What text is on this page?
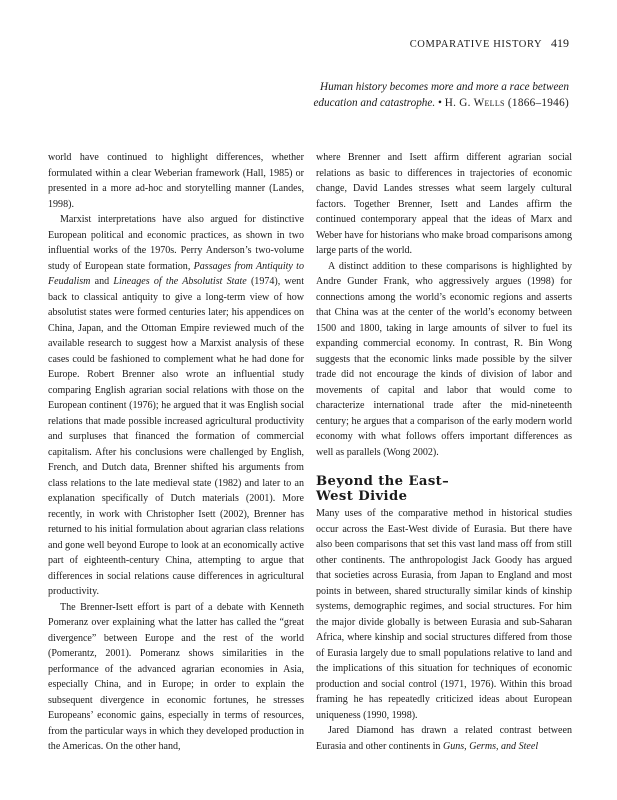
COMPARATIVE HISTORY 419
Human history becomes more and more a race between
education and catastrophe. • H. G. Wells (1866–1946)

world have continued to highlight differences, whether formulated within a clear Weberian framework (Hall, 1985) or presented in a more ad-hoc and storytelling manner (Landes, 1998).

Marxist interpretations have also argued for distinctive European political and economic practices, as shown in two influential works of the 1970s. Perry Anderson’s two-volume study of European state formation, Passages from Antiquity to Feudalism and Lineages of the Absolutist State (1974), went back to classical antiquity to give a long-term view of how absolutist states were formed centuries later; his appendices on China, Japan, and the Ottoman Empire reviewed much of the available research to suggest how a Marxist analysis of these cases could be fashioned to complement what he had done for Europe. Robert Brenner also wrote an influential study comparing English agrarian social relations with those on the European continent (1976); he argued that it was English social relations that made possible increased agricultural productivity and surpluses that financed the formation of commercial capitalism. After his conclusions were challenged by English, French, and Dutch data, Brenner shifted his arguments from class relations to the late medieval state (1982) and later to an explanation specifically of Dutch materials (2001). More recently, in work with Christopher Isett (2002), Brenner has returned to his initial formulation about agrarian class relations and gone well beyond Europe to look at an economically active part of eighteenth-century China, attempting to argue that differences in social relations cause differences in agricultural productivity.

The Brenner-Isett effort is part of a debate with Kenneth Pomeranz over explaining what the latter has called the “great divergence” between Europe and the rest of the world (Pomerantz, 2001). Pomeranz shows similarities in the performance of the advanced agrarian economies in Asia, especially China, and in Europe; in order to explain the subsequent divergence in economic fortunes, he stresses Europeans’ economic gains, especially in terms of resources, from the particular ways in which they developed production in the Americas. On the other hand,

where Brenner and Isett affirm different agrarian social relations as basic to differences in trajectories of economic change, David Landes stresses what seem largely cultural factors. Together Brenner, Isett and Landes affirm the continued contemporary appeal that the ideas of Marx and Weber have for historians who make broad comparisons among large parts of the world.

A distinct addition to these comparisons is highlighted by Andre Gunder Frank, who aggressively argues (1998) for connections among the world’s economic regions and asserts that China was at the center of the world’s economy between 1500 and 1800, taking in large amounts of silver to fuel its expanding commercial economy. In contrast, R. Bin Wong suggests that the economic links made possible by the silver trade did not encourage the kinds of division of labor and movements of capital and labor that would come to characterize international trade after the mid-nineteenth century; he argues that a comparison of the early modern world economy with what follows offers important differences as well as parallels (Wong 2002).

Beyond the East–
West Divide

Many uses of the comparative method in historical studies occur across the East-West divide of Eurasia. But there have also been comparisons that set this vast land mass off from still other continents. The anthropologist Jack Goody has argued that societies across Eurasia, from Japan to England and most points in between, shared structurally similar kinds of kinship systems, demographic regimes, and social structures. For him the major divide globally is between Eurasia and sub-Saharan Africa, where kinship and social structures differed from those of Eurasia largely due to small populations relative to land and the implications of this situation for techniques of economic production and social control (1971, 1976). Within this broad framing he has repeatedly criticized ideas about European uniqueness (1990, 1998).

Jared Diamond has drawn a related contrast between Eurasia and other continents in Guns, Germs, and Steel
